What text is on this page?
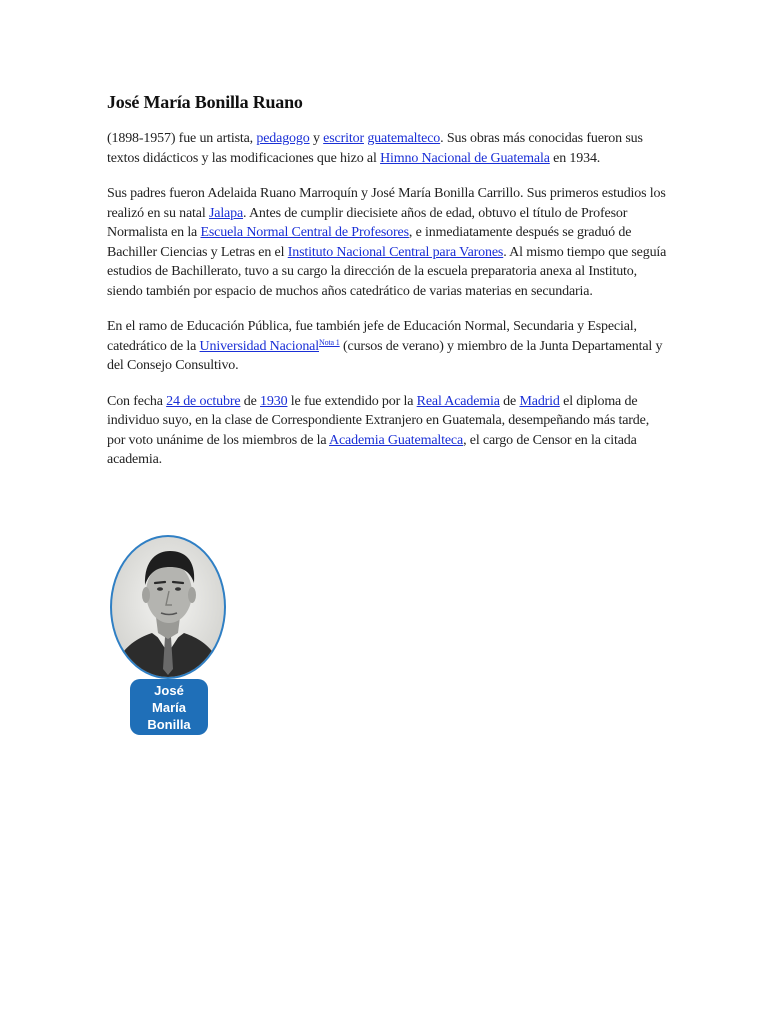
José María Bonilla Ruano

(1898-1957) fue un artista, pedagogo y escritor guatemalteco. Sus obras más conocidas fueron sus textos didácticos y las modificaciones que hizo al Himno Nacional de Guatemala en 1934.

Sus padres fueron Adelaida Ruano Marroquín y José María Bonilla Carrillo. Sus primeros estudios los realizó en su natal Jalapa. Antes de cumplir diecisiete años de edad, obtuvo el título de Profesor Normalista en la Escuela Normal Central de Profesores, e inmediatamente después se graduó de Bachiller Ciencias y Letras en el Instituto Nacional Central para Varones. Al mismo tiempo que seguía estudios de Bachillerato, tuvo a su cargo la dirección de la escuela preparatoria anexa al Instituto, siendo también por espacio de muchos años catedrático de varias materias en secundaria.

En el ramo de Educación Pública, fue también jefe de Educación Normal, Secundaria y Especial, catedrático de la Universidad Nacional$^{Nota 1}$ (cursos de verano) y miembro de la Junta Departamental y del Consejo Consultivo.

Con fecha 24 de octubre de 1930 le fue extendido por la Real Academia de Madrid el diploma de individuo suyo, en la clase de Correspondiente Extranjero en Guatemala, desempeñando más tarde, por voto unánime de los miembros de la Academia Guatemalteca, el cargo de Censor en la citada academia.

José
María
Bonilla
